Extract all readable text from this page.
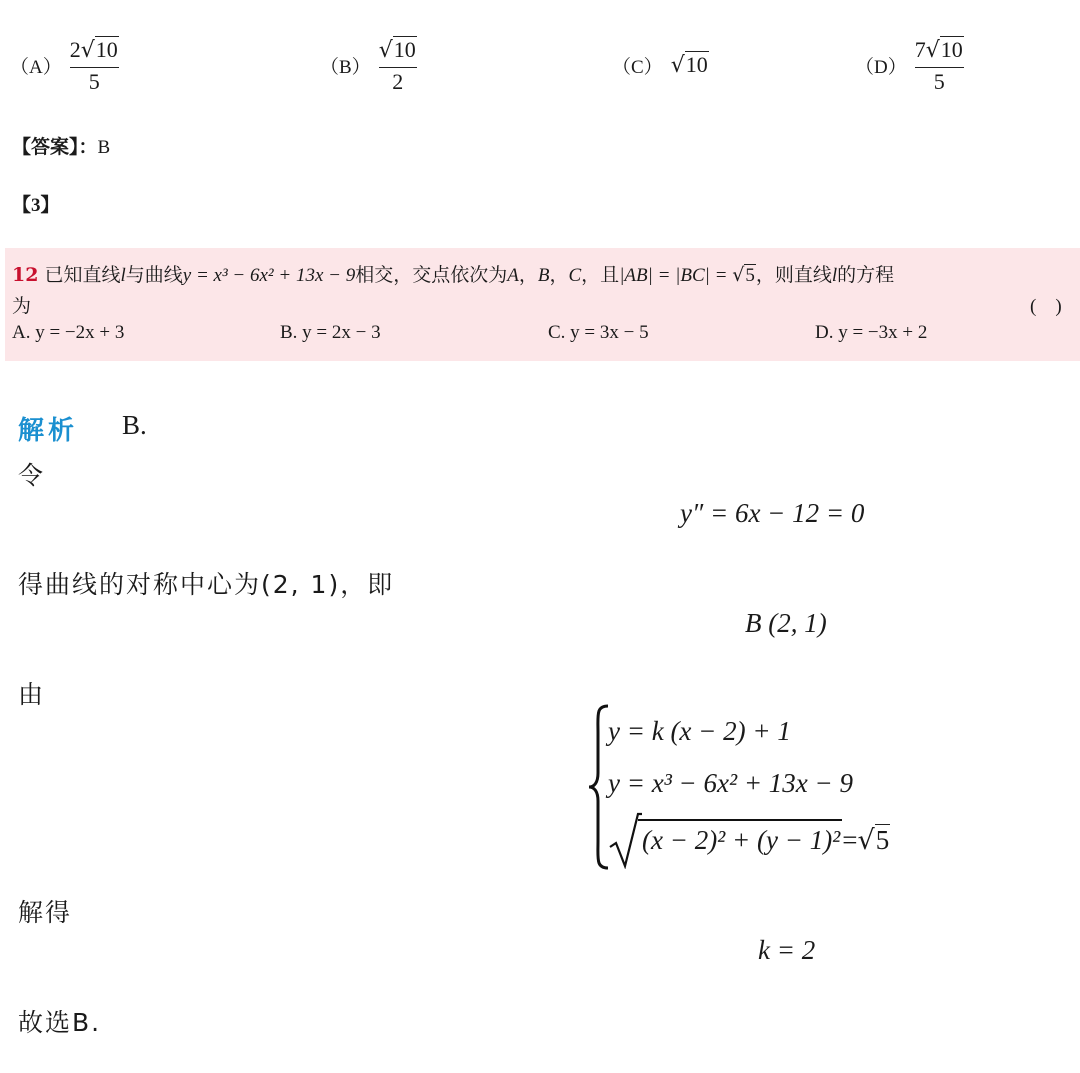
$(A) \frac{2√10}{5}$	$(B) \frac{√10}{2}$	（C） √10	$(D) \frac{7√10}{5}$
【答案】：B
【3】
12 已知直线l与曲线y = x³ − 6x² + 13x − 9相交，交点依次为A，B，C，且|AB| = |BC| = √5，则直线l的方程
为	(　)
A. y = −2x + 3	B. y = 2x − 3	C. y = 3x − 5	D. y = −3x + 2
解析 B.
令
y″ = 6x − 12 = 0
得曲线的对称中心为(2, 1)，即
B (2, 1)
由
y = k (x − 2) + 1
y = x³ − 6x² + 13x − 9
(x − 2)² + (y − 1)² = √5
解得
k = 2
故选B.
